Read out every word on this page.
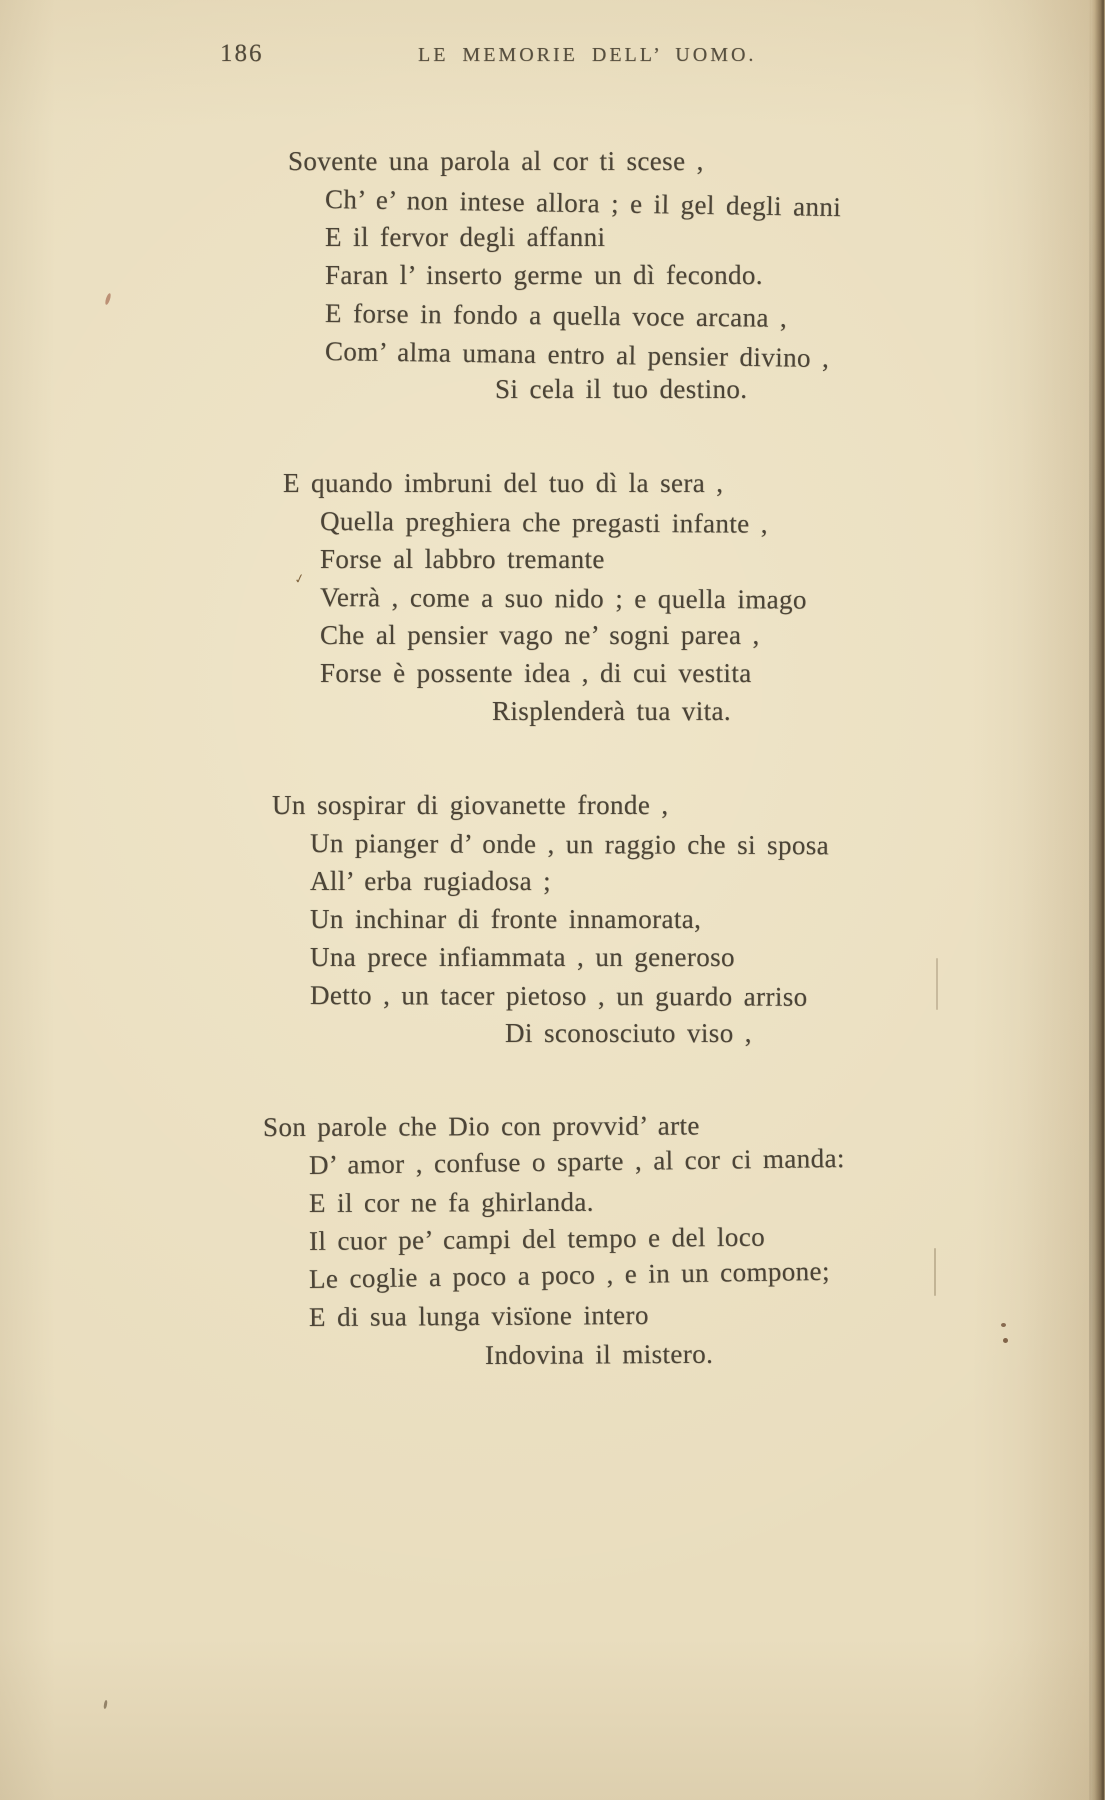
186	LE MEMORIE DELL’ UOMO.
Sovente una parola al cor ti scese ,
Ch’ e’ non intese allora ; e il gel degli anni
E il fervor degli affanni
Faran l’ inserto germe un dì fecondo.
E forse in fondo a quella voce arcana ,
Com’ alma umana entro al pensier divino ,
Si cela il tuo destino.
E quando imbruni del tuo dì la sera ,
Quella preghiera che pregasti infante ,
Forse al labbro tremante
Verrà , come a suo nido ; e quella imago
Che al pensier vago ne’ sogni parea ,
Forse è possente idea , di cui vestita
Risplenderà tua vita.
Un sospirar di giovanette fronde ,
Un pianger d’ onde , un raggio che si sposa
All’ erba rugiadosa ;
Un inchinar di fronte innamorata,
Una prece infiammata , un generoso
Detto , un tacer pietoso , un guardo arriso
Di sconosciuto viso ,
Son parole che Dio con provvid’ arte
D’ amor , confuse o sparte , al cor ci manda:
E il cor ne fa ghirlanda.
Il cuor pe’ campi del tempo e del loco
Le coglie a poco a poco , e in un compone;
E di sua lunga visïone intero
Indovina il mistero.
✓
